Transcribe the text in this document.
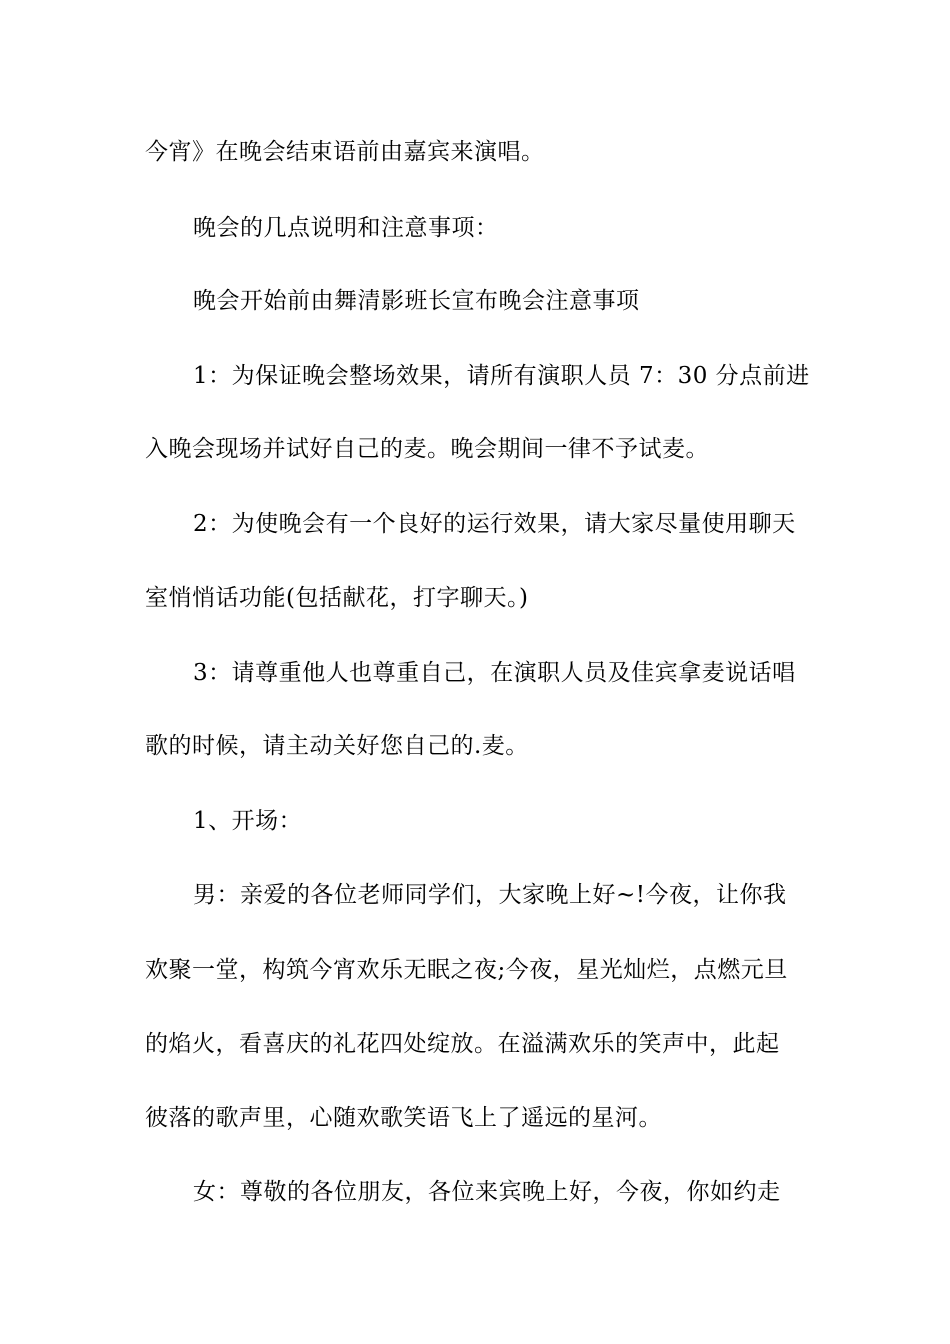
今宵》在晚会结束语前由嘉宾来演唱。
晚会的几点说明和注意事项：
晚会开始前由舞清影班长宣布晚会注意事项
1：为保证晚会整场效果，请所有演职人员 7：30 分点前进
入晚会现场并试好自己的麦。晚会期间一律不予试麦。
2：为使晚会有一个良好的运行效果，请大家尽量使用聊天
室悄悄话功能(包括献花，打字聊天。)
3：请尊重他人也尊重自己，在演职人员及佳宾拿麦说话唱
歌的时候，请主动关好您自己的.麦。
1、开场：
男：亲爱的各位老师同学们，大家晚上好~!今夜，让你我
欢聚一堂，构筑今宵欢乐无眠之夜;今夜，星光灿烂，点燃元旦
的焰火，看喜庆的礼花四处绽放。在溢满欢乐的笑声中，此起
彼落的歌声里，心随欢歌笑语飞上了遥远的星河。
女：尊敬的各位朋友，各位来宾晚上好，今夜，你如约走
